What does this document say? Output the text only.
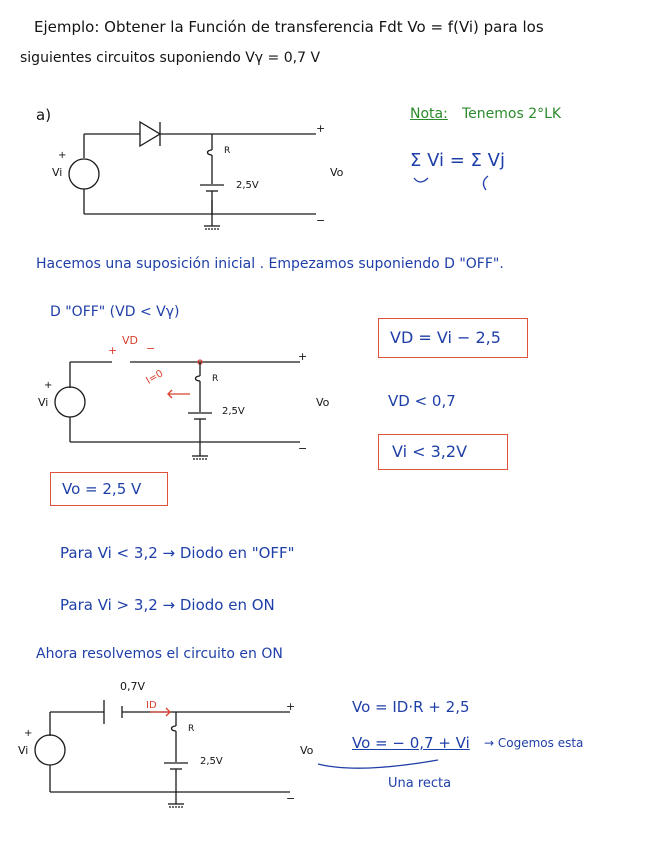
Ejemplo: Obtener la Función de transferencia Fdt Vo = f(Vi) para los
siguientes circuitos suponiendo Vγ = 0,7 V
a)
+
Vi
R
2,5V
+
Vo
−
Nota: Tenemos 2°LK
Σ Vi = Σ Vj
Hacemos una suposición inicial . Empezamos suponiendo D "OFF".
D "OFF" (VD < Vγ)
+
VD
−
I=0
+
Vi
R
2,5V
+
Vo
−
VD = Vi − 2,5
VD < 0,7
Vi < 3,2V
Vo = 2,5 V
Para Vi < 3,2 → Diodo en "OFF"
Para Vi > 3,2 → Diodo en ON
Ahora resolvemos el circuito en ON
0,7V
ID
+
Vi
R
2,5V
+
Vo
−
Vo = ID·R + 2,5
Vo = − 0,7 + Vi → Cogemos esta
Una recta
